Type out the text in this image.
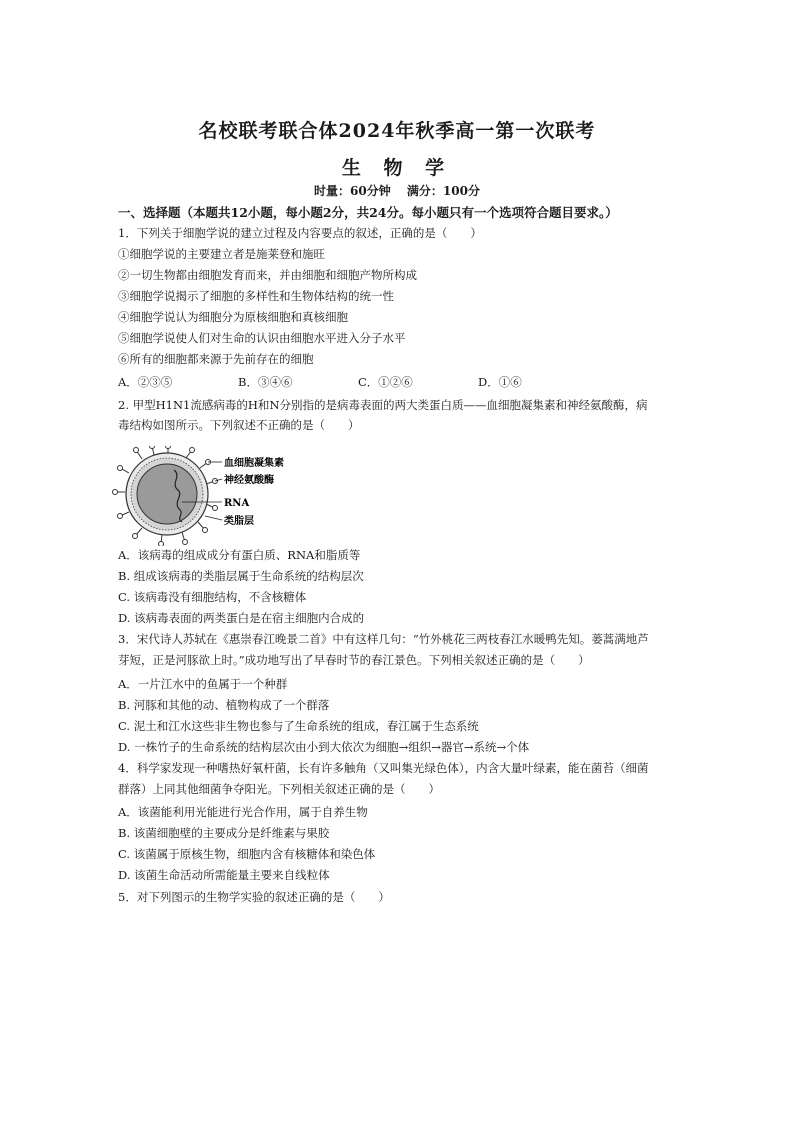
名校联考联合体2024年秋季高一第一次联考
生 物 学
时量：60分钟 满分：100分
一、选择题（本题共12小题，每小题2分，共24分。每小题只有一个选项符合题目要求。）
1．下列关于细胞学说的建立过程及内容要点的叙述，正确的是（　　）
①细胞学说的主要建立者是施莱登和施旺
②一切生物都由细胞发育而来，并由细胞和细胞产物所构成
③细胞学说揭示了细胞的多样性和生物体结构的统一性
④细胞学说认为细胞分为原核细胞和真核细胞
⑤细胞学说使人们对生命的认识由细胞水平进入分子水平
⑥所有的细胞都来源于先前存在的细胞
A．②③⑤	B．③④⑥	C．①②⑥	D．①⑥
2. 甲型H1N1流感病毒的H和N分别指的是病毒表面的两大类蛋白质——血细胞凝集素和神经氨酸酶，病
毒结构如图所示。下列叙述不正确的是（　　）
血细胞凝集素
神经氨酸酶
RNA
类脂层
A．该病毒的组成成分有蛋白质、RNA和脂质等
B. 组成该病毒的类脂层属于生命系统的结构层次
C. 该病毒没有细胞结构，不含核糖体
D. 该病毒表面的两类蛋白是在宿主细胞内合成的
3．宋代诗人苏轼在《惠崇春江晚景二首》中有这样几句：“竹外桃花三两枝春江水暖鸭先知。蒌蒿满地芦
芽短，正是河豚欲上时。”成功地写出了早春时节的春江景色。下列相关叙述正确的是（　　）
A．一片江水中的鱼属于一个种群
B. 河豚和其他的动、植物构成了一个群落
C. 泥土和江水这些非生物也参与了生命系统的组成，春江属于生态系统
D. 一株竹子的生命系统的结构层次由小到大依次为细胞→组织→器官→系统→个体
4．科学家发现一种嗜热好氧杆菌，长有许多触角（又叫集光绿色体），内含大量叶绿素，能在菌苔（细菌
群落）上同其他细菌争夺阳光。下列相关叙述正确的是（　　）
A．该菌能利用光能进行光合作用，属于自养生物
B. 该菌细胞壁的主要成分是纤维素与果胶
C. 该菌属于原核生物，细胞内含有核糖体和染色体
D. 该菌生命活动所需能量主要来自线粒体
5．对下列图示的生物学实验的叙述正确的是（　　）
